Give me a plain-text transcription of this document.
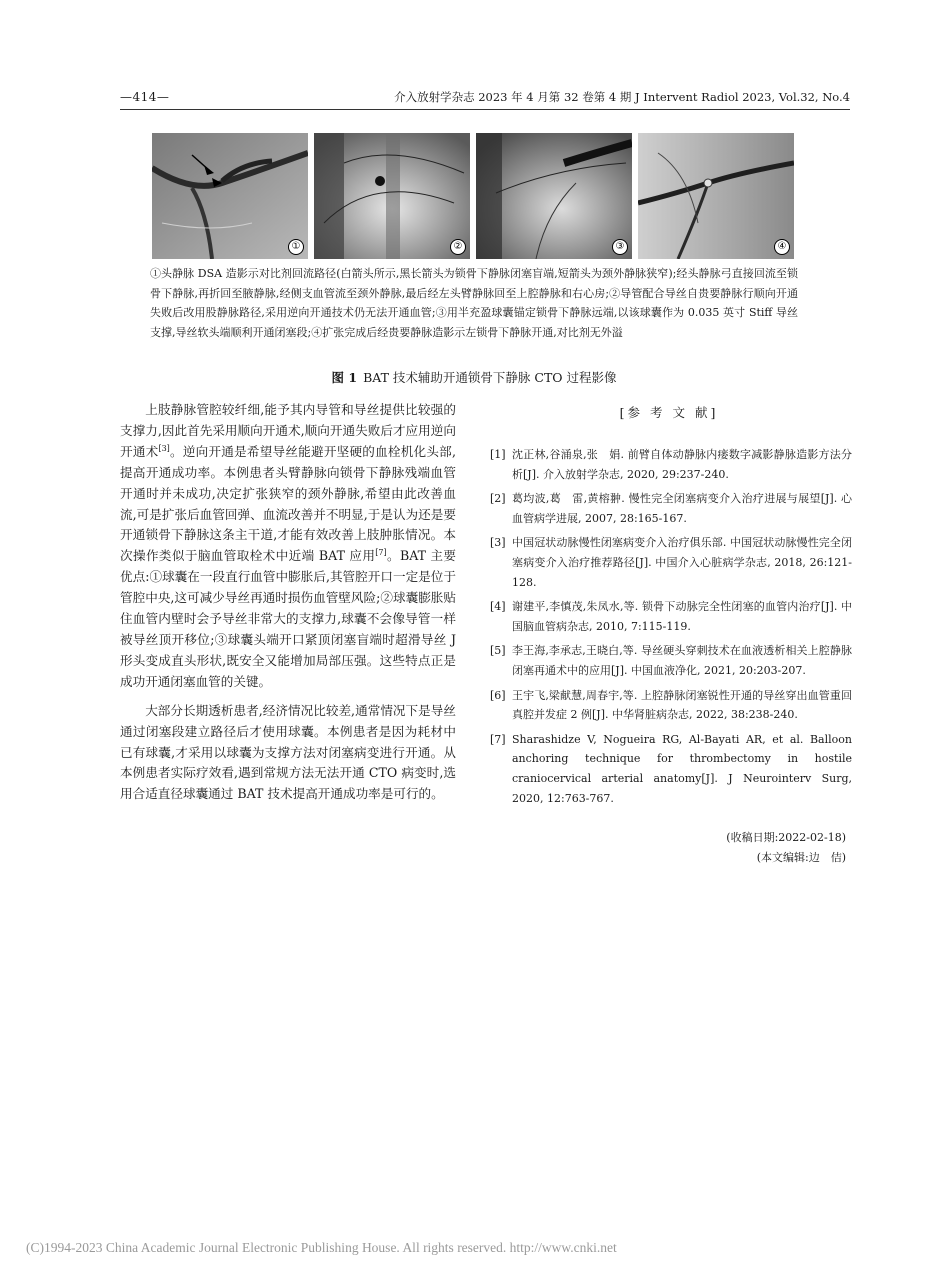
—414—	介入放射学杂志 2023 年 4 月第 32 卷第 4 期 J Intervent Radiol 2023, Vol.32, No.4
①	②	③	④
①头静脉 DSA 造影示对比剂回流路径(白箭头所示,黑长箭头为锁骨下静脉闭塞盲端,短箭头为颈外静脉狭窄);经头静脉弓直接回流至锁骨下静脉,再折回至腋静脉,经侧支血管流至颈外静脉,最后经左头臂静脉回至上腔静脉和右心房;②导管配合导丝自贵要静脉行顺向开通失败后改用股静脉路径,采用逆向开通技术仍无法开通血管;③用半充盈球囊锚定锁骨下静脉远端,以该球囊作为 0.035 英寸 Stiff 导丝支撑,导丝软头端顺利开通闭塞段;④扩张完成后经贵要静脉造影示左锁骨下静脉开通,对比剂无外溢
图 1 BAT 技术辅助开通锁骨下静脉 CTO 过程影像

上肢静脉管腔较纤细,能予其内导管和导丝提供比较强的支撑力,因此首先采用顺向开通术,顺向开通失败后才应用逆向开通术[3]。逆向开通是希望导丝能避开坚硬的血栓机化头部,提高开通成功率。本例患者头臂静脉向锁骨下静脉残端血管开通时并未成功,决定扩张狭窄的颈外静脉,希望由此改善血流,可是扩张后血管回弹、血流改善并不明显,于是认为还是要开通锁骨下静脉这条主干道,才能有效改善上肢肿胀情况。本次操作类似于脑血管取栓术中近端 BAT 应用[7]。BAT 主要优点:①球囊在一段直行血管中膨胀后,其管腔开口一定是位于管腔中央,这可减少导丝再通时损伤血管壁风险;②球囊膨胀贴住血管内壁时会予导丝非常大的支撑力,球囊不会像导管一样被导丝顶开移位;③球囊头端开口紧顶闭塞盲端时超滑导丝 J 形头变成直头形状,既安全又能增加局部压强。这些特点正是成功开通闭塞血管的关键。

大部分长期透析患者,经济情况比较差,通常情况下是导丝通过闭塞段建立路径后才使用球囊。本例患者是因为耗材中已有球囊,才采用以球囊为支撑方法对闭塞病变进行开通。从本例患者实际疗效看,遇到常规方法无法开通 CTO 病变时,选用合适直径球囊通过 BAT 技术提高开通成功率是可行的。

[参 考 文 献]
[1] 沈正林,谷涌泉,张　娟. 前臂自体动静脉内瘘数字减影静脉造影方法分析[J]. 介入放射学杂志, 2020, 29:237-240.
[2] 葛均波,葛　雷,黄榕翀. 慢性完全闭塞病变介入治疗进展与展望[J]. 心血管病学进展, 2007, 28:165-167.
[3] 中国冠状动脉慢性闭塞病变介入治疗俱乐部. 中国冠状动脉慢性完全闭塞病变介入治疗推荐路径[J]. 中国介入心脏病学杂志, 2018, 26:121-128.
[4] 谢建平,李慎茂,朱凤水,等. 锁骨下动脉完全性闭塞的血管内治疗[J]. 中国脑血管病杂志, 2010, 7:115-119.
[5] 李王海,李承志,王晓白,等. 导丝硬头穿刺技术在血液透析相关上腔静脉闭塞再通术中的应用[J]. 中国血液净化, 2021, 20:203-207.
[6] 王宇飞,梁献慧,周春宇,等. 上腔静脉闭塞锐性开通的导丝穿出血管重回真腔并发症 2 例[J]. 中华肾脏病杂志, 2022, 38:238-240.
[7] Sharashidze V, Nogueira RG, Al-Bayati AR, et al. Balloon anchoring technique for thrombectomy in hostile craniocervical arterial anatomy[J]. J Neurointerv Surg, 2020, 12:763-767.
(收稿日期:2022-02-18)
(本文编辑:边　佶)
(C)1994-2023 China Academic Journal Electronic Publishing House. All rights reserved. http://www.cnki.net
